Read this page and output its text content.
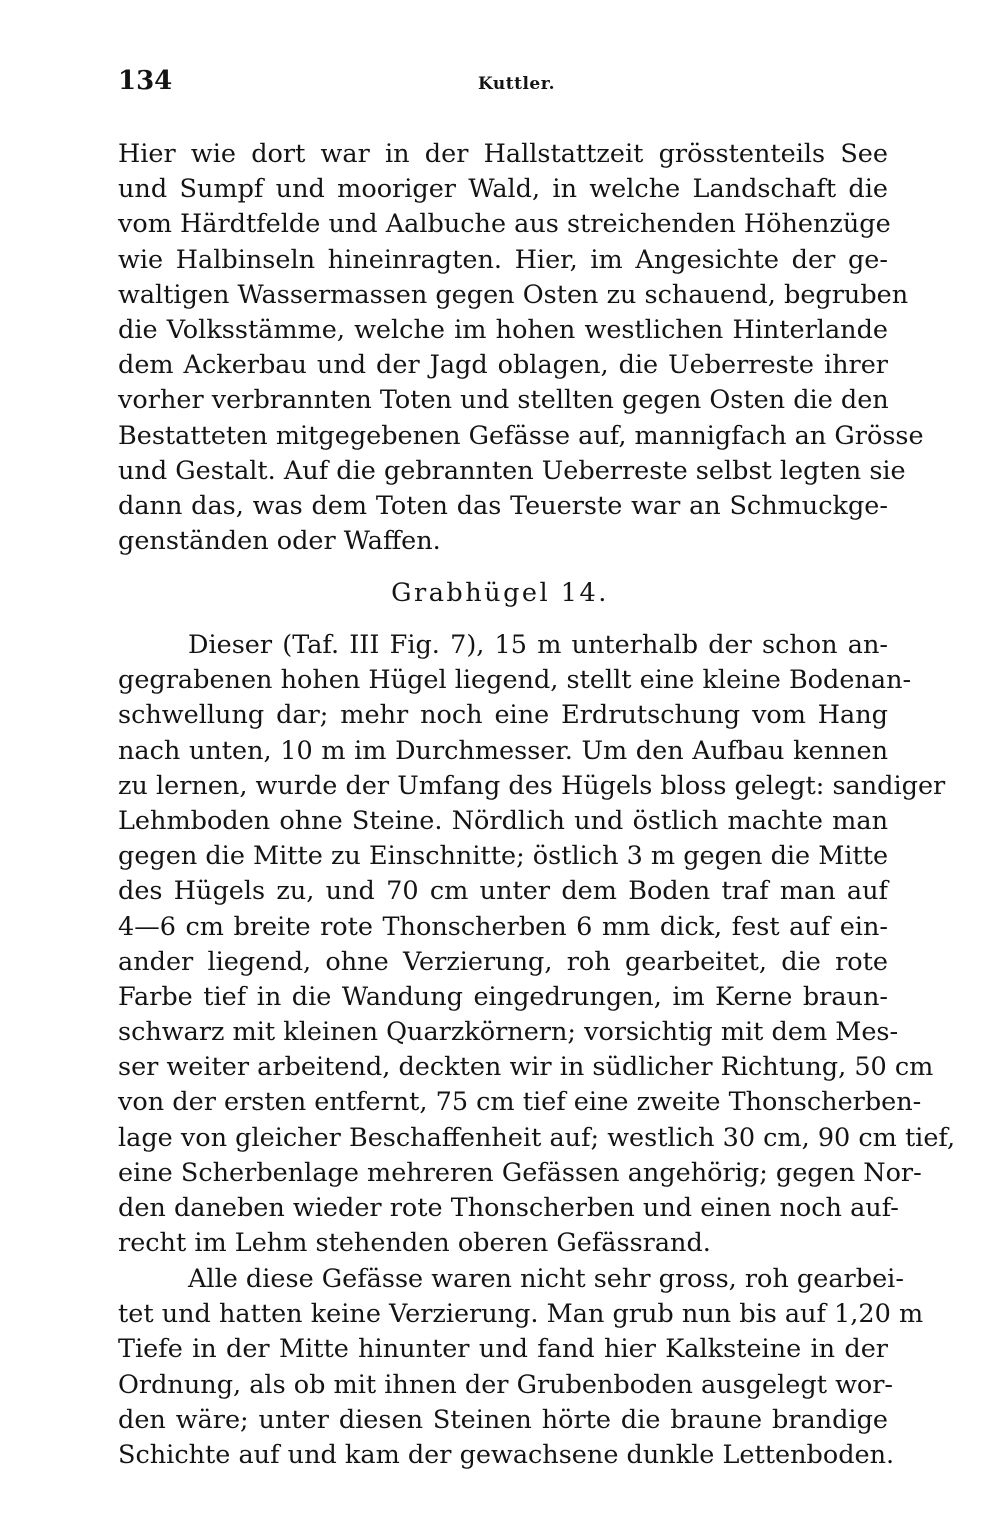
134	Kuttler.
Hier wie dort war in der Hallstattzeit grösstenteils See
und Sumpf und mooriger Wald, in welche Landschaft die
vom Härdtfelde und Aalbuche aus streichenden Höhenzüge
wie Halbinseln hineinragten. Hier, im Angesichte der ge-
waltigen Wassermassen gegen Osten zu schauend, begruben
die Volksstämme, welche im hohen westlichen Hinterlande
dem Ackerbau und der Jagd oblagen, die Ueberreste ihrer
vorher verbrannten Toten und stellten gegen Osten die den
Bestatteten mitgegebenen Gefässe auf, mannigfach an Grösse
und Gestalt. Auf die gebrannten Ueberreste selbst legten sie
dann das, was dem Toten das Teuerste war an Schmuckge-
genständen oder Waffen.
Grabhügel 14.
Dieser (Taf. III Fig. 7), 15 m unterhalb der schon an-
gegrabenen hohen Hügel liegend, stellt eine kleine Bodenan-
schwellung dar; mehr noch eine Erdrutschung vom Hang
nach unten, 10 m im Durchmesser. Um den Aufbau kennen
zu lernen, wurde der Umfang des Hügels bloss gelegt: sandiger
Lehmboden ohne Steine. Nördlich und östlich machte man
gegen die Mitte zu Einschnitte; östlich 3 m gegen die Mitte
des Hügels zu, und 70 cm unter dem Boden traf man auf
4—6 cm breite rote Thonscherben 6 mm dick, fest auf ein-
ander liegend, ohne Verzierung, roh gearbeitet, die rote
Farbe tief in die Wandung eingedrungen, im Kerne braun-
schwarz mit kleinen Quarzkörnern; vorsichtig mit dem Mes-
ser weiter arbeitend, deckten wir in südlicher Richtung, 50 cm
von der ersten entfernt, 75 cm tief eine zweite Thonscherben-
lage von gleicher Beschaffenheit auf; westlich 30 cm, 90 cm tief,
eine Scherbenlage mehreren Gefässen angehörig; gegen Nor-
den daneben wieder rote Thonscherben und einen noch auf-
recht im Lehm stehenden oberen Gefässrand.
Alle diese Gefässe waren nicht sehr gross, roh gearbei-
tet und hatten keine Verzierung. Man grub nun bis auf 1,20 m
Tiefe in der Mitte hinunter und fand hier Kalksteine in der
Ordnung, als ob mit ihnen der Grubenboden ausgelegt wor-
den wäre; unter diesen Steinen hörte die braune brandige
Schichte auf und kam der gewachsene dunkle Lettenboden.
